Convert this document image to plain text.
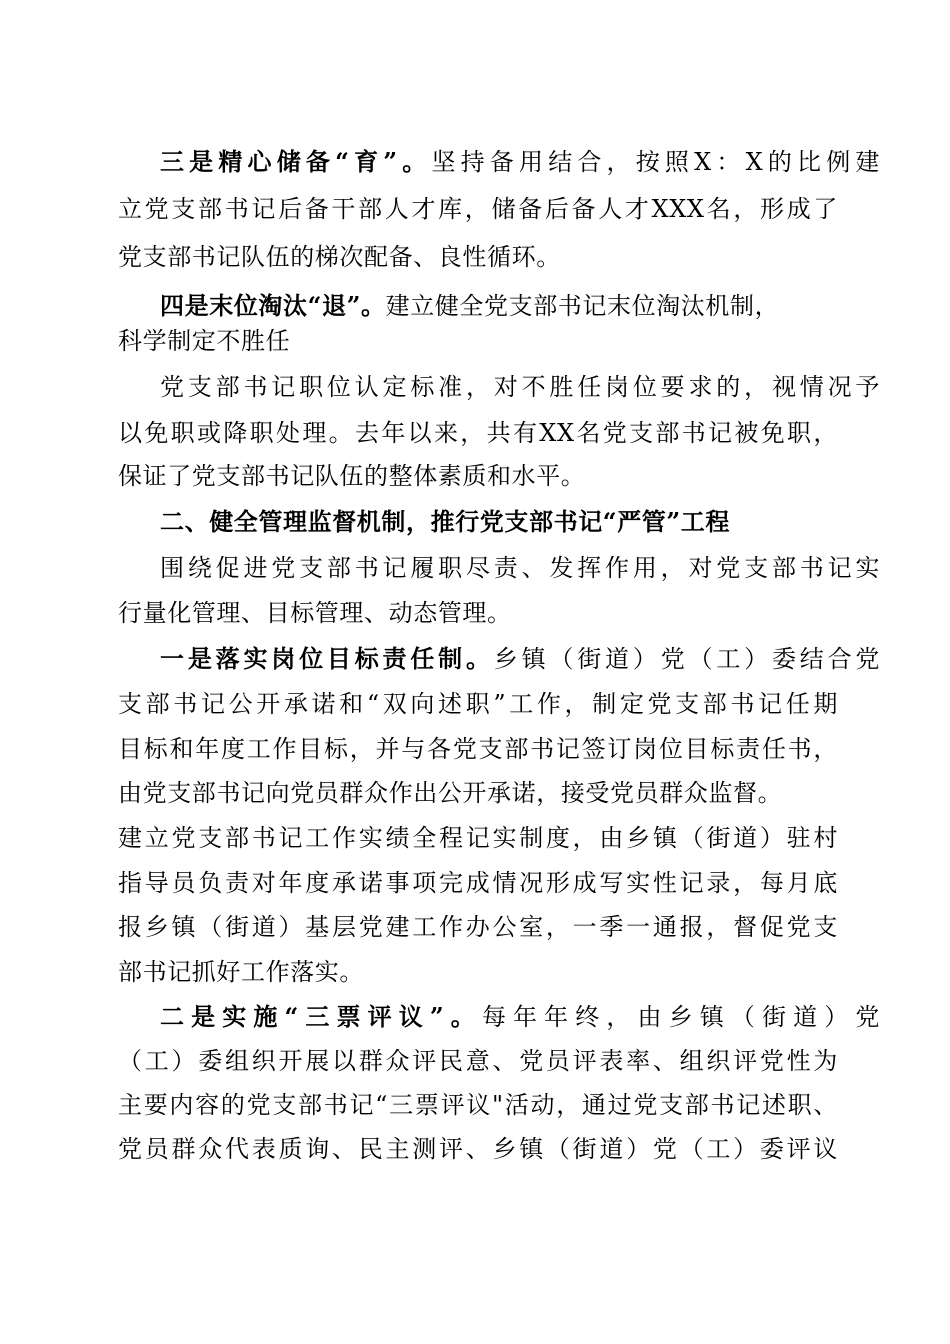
三是精心储备“育”。坚持备用结合，按照X：X的比例建
立党支部书记后备干部人才库，储备后备人才XXX名，形成了
党支部书记队伍的梯次配备、良性循环。
四是末位淘汰“退”。建立健全党支部书记末位淘汰机制，
科学制定不胜任
党支部书记职位认定标准，对不胜任岗位要求的，视情况予
以免职或降职处理。去年以来，共有XX名党支部书记被免职，
保证了党支部书记队伍的整体素质和水平。
二、健全管理监督机制，推行党支部书记“严管”工程
围绕促进党支部书记履职尽责、发挥作用，对党支部书记实
行量化管理、目标管理、动态管理。
一是落实岗位目标责任制。乡镇（街道）党（工）委结合党
支部书记公开承诺和“双向述职”工作，制定党支部书记任期
目标和年度工作目标，并与各党支部书记签订岗位目标责任书，
由党支部书记向党员群众作出公开承诺，接受党员群众监督。
建立党支部书记工作实绩全程记实制度，由乡镇（街道）驻村
指导员负责对年度承诺事项完成情况形成写实性记录，每月底
报乡镇（街道）基层党建工作办公室，一季一通报，督促党支
部书记抓好工作落实。
二是实施“三票评议”。每年年终，由乡镇（街道）党
（工）委组织开展以群众评民意、党员评表率、组织评党性为
主要内容的党支部书记“三票评议"活动，通过党支部书记述职、
党员群众代表质询、民主测评、乡镇（街道）党（工）委评议
